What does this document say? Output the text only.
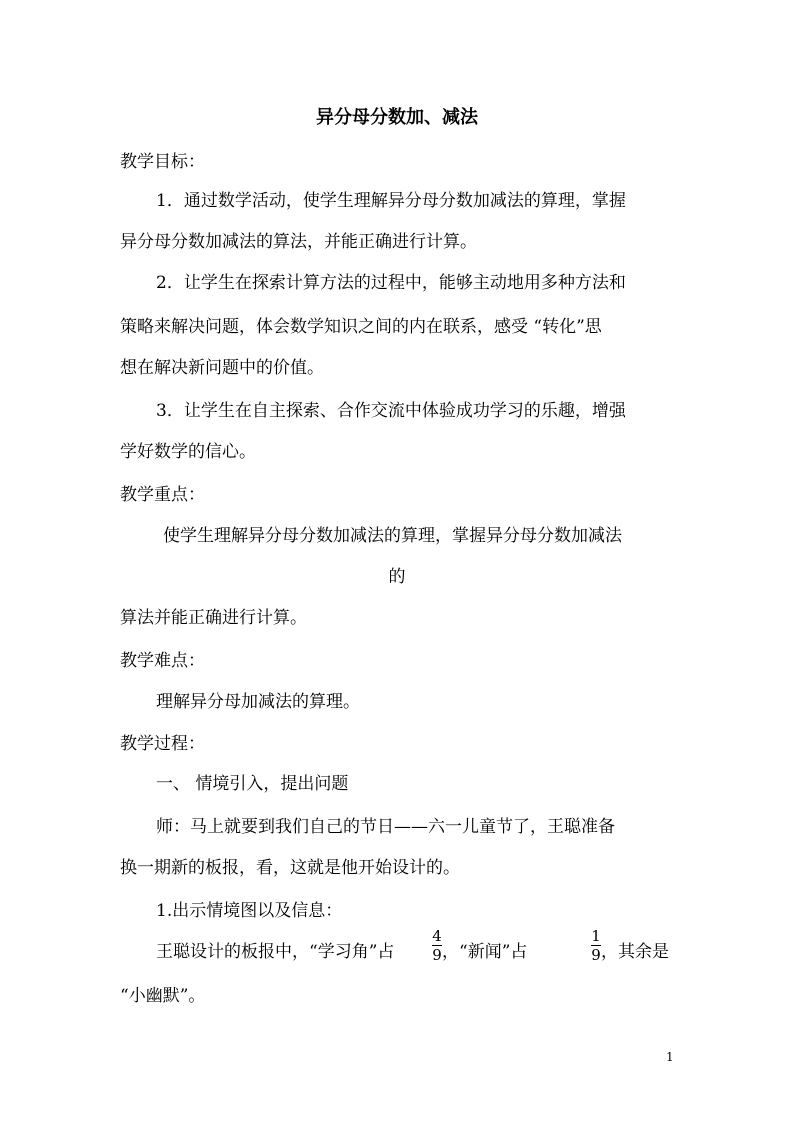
异分母分数加、减法
教学目标：
1．通过数学活动，使学生理解异分母分数加减法的算理，掌握
异分母分数加减法的算法，并能正确进行计算。
2．让学生在探索计算方法的过程中，能够主动地用多种方法和
策略来解决问题，体会数学知识之间的内在联系，感受 “转化”思
想在解决新问题中的价值。
3．让学生在自主探索、合作交流中体验成功学习的乐趣，增强
学好数学的信心。
教学重点：
使学生理解异分母分数加减法的算理，掌握异分母分数加减法
的
算法并能正确进行计算。
教学难点：
理解异分母加减法的算理。
教学过程：
一、 情境引入，提出问题
师：马上就要到我们自己的节日——六一儿童节了，王聪准备
换一期新的板报，看，这就是他开始设计的。
1.出示情境图以及信息：
王聪设计的板报中，“学习角”占
4
9 ，“新闻”占
1
9 ，其余是
“小幽默”。
1
